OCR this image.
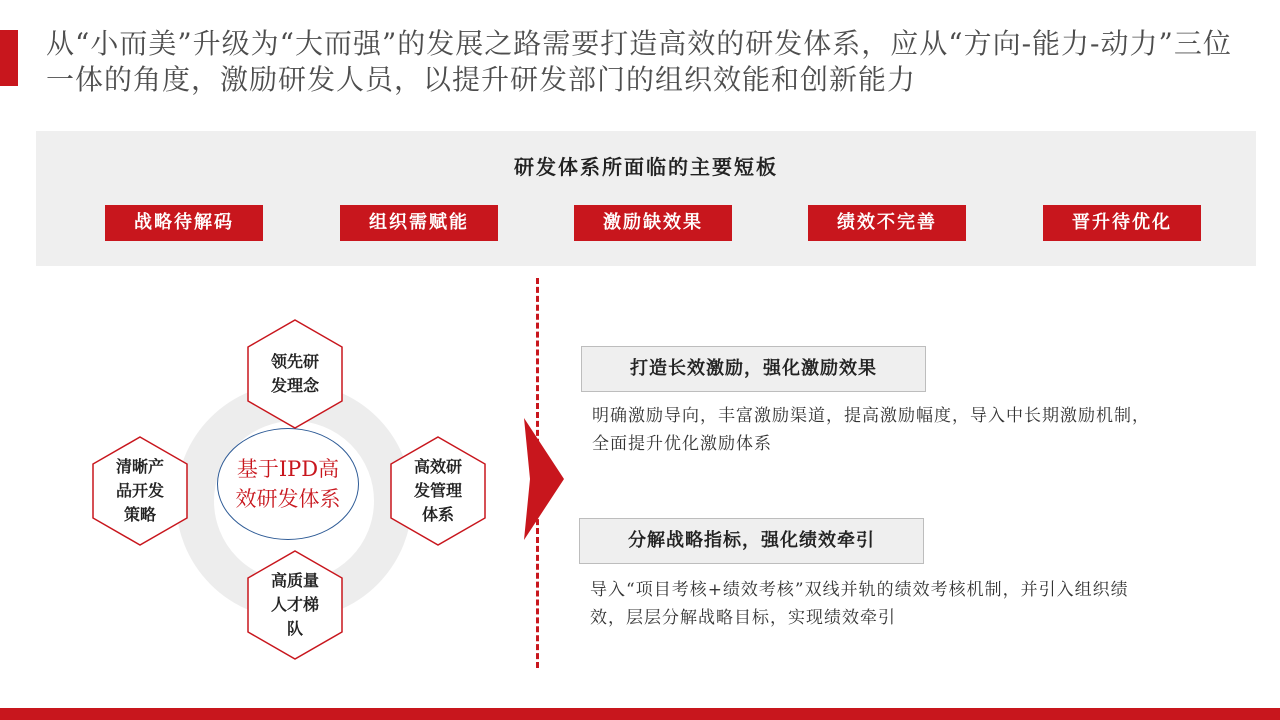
从“小而美”升级为“大而强”的发展之路需要打造高效的研发体系，应从“方向-能力-动力”三位一体的角度，激励研发人员，以提升研发部门的组织效能和创新能力
研发体系所面临的主要短板
战略待解码	组织需赋能	激励缺效果	绩效不完善	晋升待优化
基于IPD高效研发体系
领先研发理念
清晰产品开发策略
高效研发管理体系
高质量人才梯队
打造长效激励，强化激励效果
明确激励导向，丰富激励渠道，提高激励幅度，导入中长期激励机制，全面提升优化激励体系
分解战略指标，强化绩效牵引
导入“项目考核+绩效考核”双线并轨的绩效考核机制，并引入组织绩效，层层分解战略目标，实现绩效牵引
